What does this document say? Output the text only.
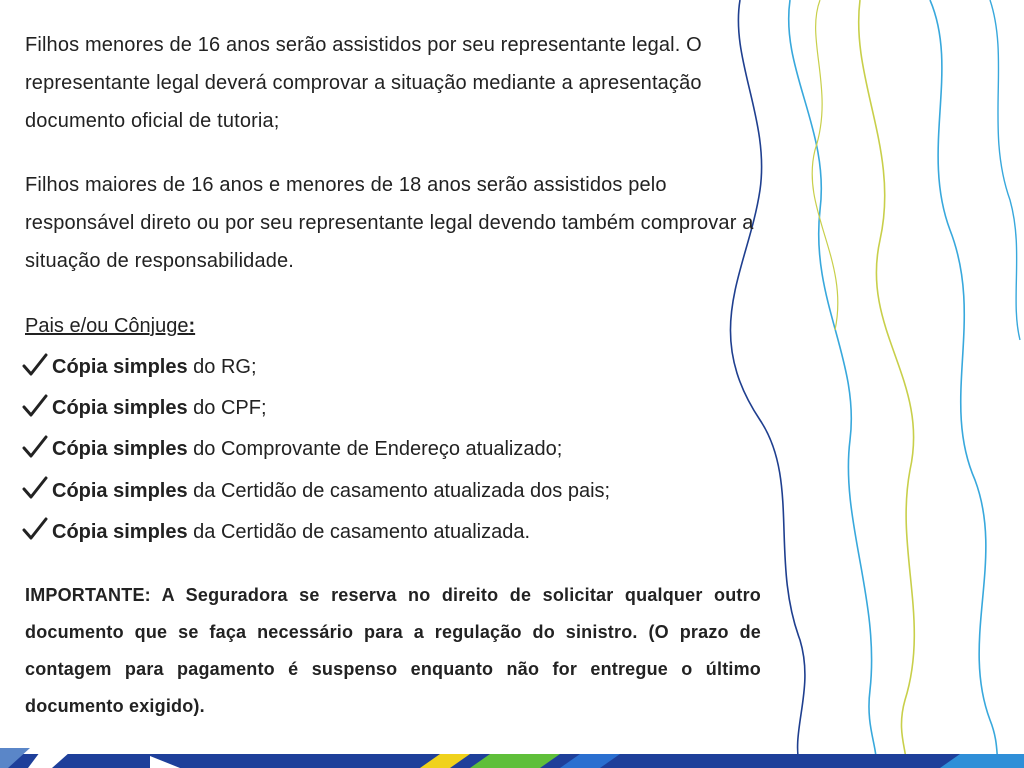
Filhos menores de 16 anos serão assistidos por seu representante legal. O representante legal deverá comprovar a situação mediante a apresentação documento oficial de tutoria;
Filhos maiores de 16 anos e menores de 18 anos serão assistidos pelo responsável direto ou por seu representante legal devendo também comprovar a situação de responsabilidade.
Pais e/ou Cônjuge:
Cópia simples do RG;
Cópia simples do CPF;
Cópia simples do Comprovante de Endereço atualizado;
Cópia simples da Certidão de casamento atualizada dos pais;
Cópia simples da Certidão de casamento atualizada.
IMPORTANTE: A Seguradora se reserva no direito de solicitar qualquer outro documento que se faça necessário para a regulação do sinistro. (O prazo de contagem para pagamento é suspenso enquanto não for entregue o último documento exigido).
